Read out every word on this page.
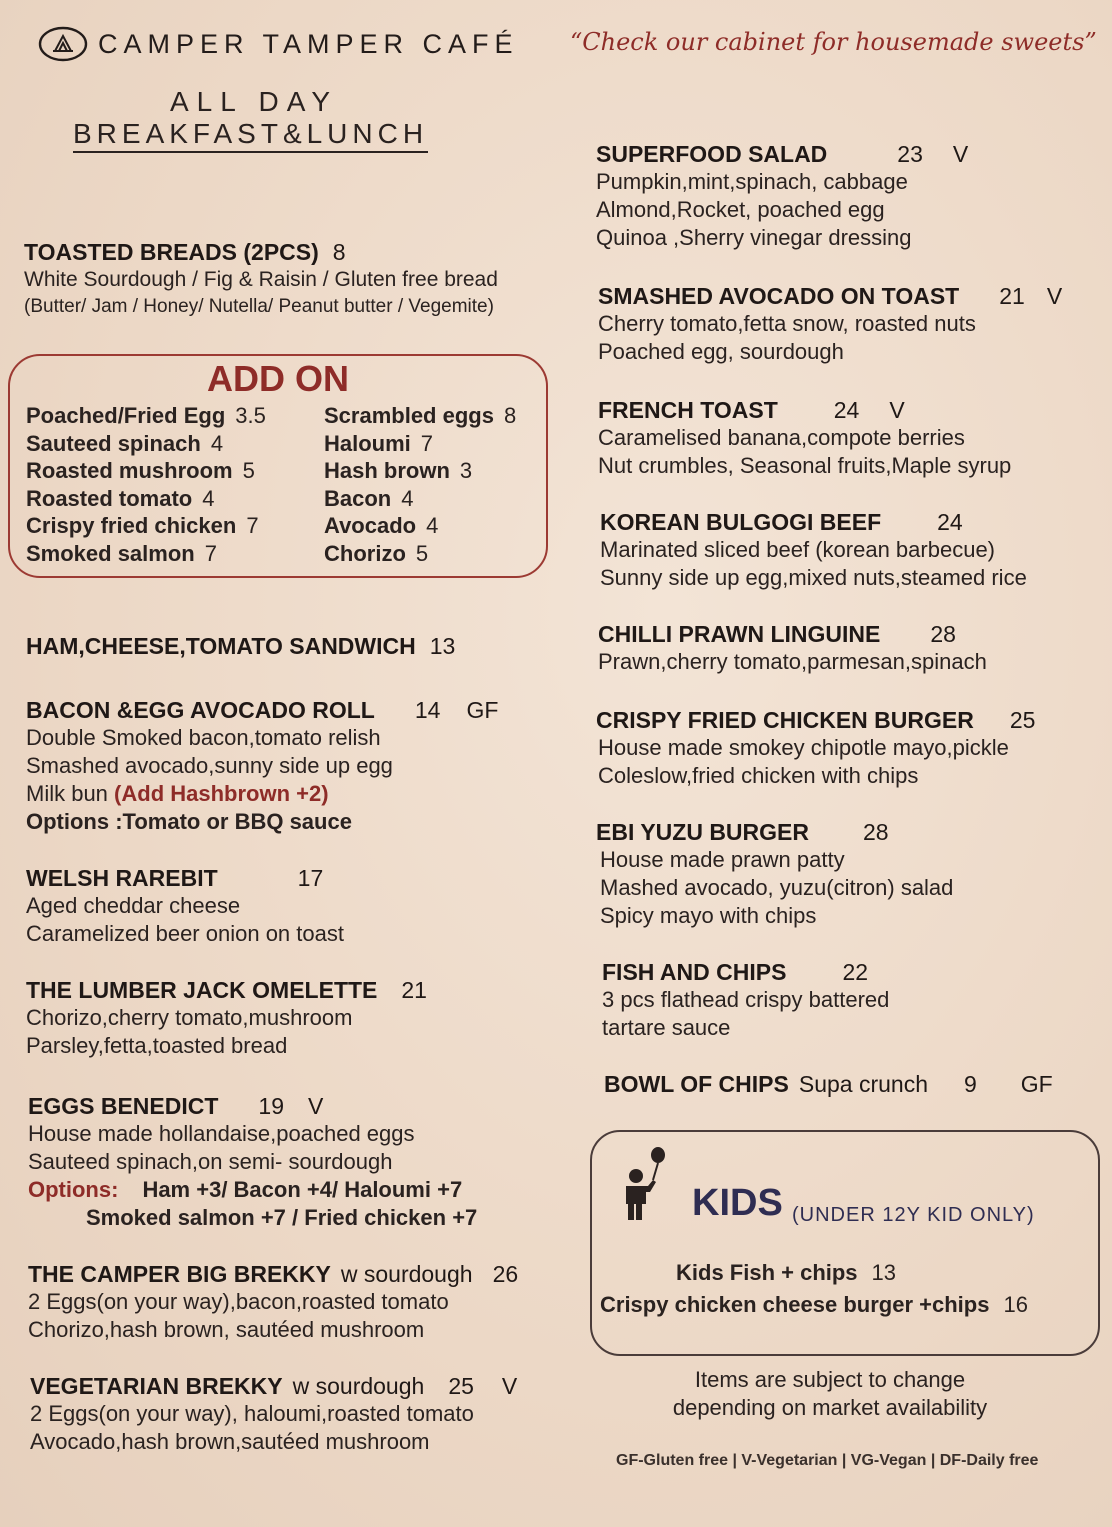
CAMPER TAMPER CAFÉ “Check our cabinet for housemade sweets”
ALL DAY
BREAKFAST&LUNCH
TOASTED BREADS (2PCS) 8
White Sourdough / Fig & Raisin / Gluten free bread
(Butter/ Jam / Honey/ Nutella/ Peanut butter / Vegemite)
ADD ON
Poached/Fried Egg 3.5
Sauteed spinach 4
Roasted mushroom 5
Roasted tomato 4
Crispy fried chicken 7
Smoked salmon 7
Scrambled eggs 8
Haloumi 7
Hash brown 3
Bacon 4
Avocado 4
Chorizo 5
HAM,CHEESE,TOMATO SANDWICH 13
BACON &EGG AVOCADO ROLL 14 GF
Double Smoked bacon,tomato relish
Smashed avocado,sunny side up egg
Milk bun (Add Hashbrown +2)
Options :Tomato or BBQ sauce
WELSH RAREBIT	17
Aged cheddar cheese
Caramelized beer onion on toast
THE LUMBER JACK OMELETTE 21
Chorizo,cherry tomato,mushroom
Parsley,fetta,toasted bread
EGGS BENEDICT 19 V
House made hollandaise,poached eggs
Sauteed spinach,on semi- sourdough
Options: Ham +3/ Bacon +4/ Haloumi +7
Smoked salmon +7 / Fried chicken +7
THE CAMPER BIG BREKKY w sourdough 26
2 Eggs(on your way),bacon,roasted tomato
Chorizo,hash brown, sautéed mushroom
VEGETARIAN BREKKY w sourdough 25 V
2 Eggs(on your way), haloumi,roasted tomato
Avocado,hash brown,sautéed mushroom
SUPERFOOD SALAD	23 V
Pumpkin,mint,spinach, cabbage
Almond,Rocket, poached egg
Quinoa ,Sherry vinegar dressing
SMASHED AVOCADO ON TOAST 21 V
Cherry tomato,fetta snow, roasted nuts
Poached egg, sourdough
FRENCH TOAST 24 V
Caramelised banana,compote berries
Nut crumbles, Seasonal fruits,Maple syrup
KOREAN BULGOGI BEEF 24
Marinated sliced beef (korean barbecue)
Sunny side up egg,mixed nuts,steamed rice
CHILLI PRAWN LINGUINE 28
Prawn,cherry tomato,parmesan,spinach
CRISPY FRIED CHICKEN BURGER 25
House made smokey chipotle mayo,pickle
Coleslow,fried chicken with chips
EBI YUZU BURGER 28
House made prawn patty
Mashed avocado, yuzu(citron) salad
Spicy mayo with chips
FISH AND CHIPS 22
3 pcs flathead crispy battered
tartare sauce
BOWL OF CHIPS Supa crunch 9 GF
KIDS (UNDER 12Y KID ONLY)
Kids Fish + chips 13
Crispy chicken cheese burger +chips 16
Items are subject to change
depending on market availability
GF-Gluten free | V-Vegetarian | VG-Vegan | DF-Daily free
